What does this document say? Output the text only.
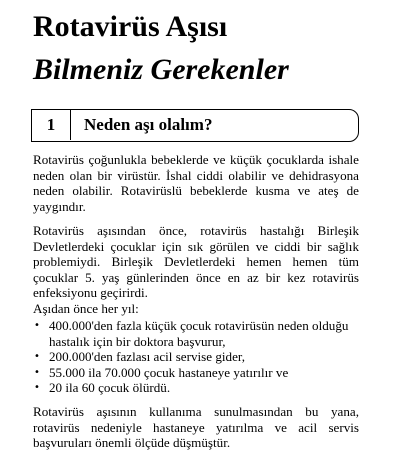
Rotavirüs Aşısı
Bilmeniz Gerekenler
1	Neden aşı olalım?

Rotavirüs çoğunlukla bebeklerde ve küçük çocuklarda ishale neden olan bir virüstür. İshal ciddi olabilir ve dehidrasyona neden olabilir. Rotavirüslü bebeklerde kusma ve ateş de yaygındır.

Rotavirüs aşısından önce, rotavirüs hastalığı Birleşik Devletlerdeki çocuklar için sık görülen ve ciddi bir sağlık problemiydi. Birleşik Devletlerdeki hemen hemen tüm çocuklar 5. yaş günlerinden önce en az bir kez rotavirüs enfeksiyonu geçirirdi.
Aşıdan önce her yıl:
• 400.000'den fazla küçük çocuk rotavirüsün neden olduğu hastalık için bir doktora başvurur,
• 200.000'den fazlası acil servise gider,
• 55.000 ila 70.000 çocuk hastaneye yatırılır ve
• 20 ila 60 çocuk ölürdü.

Rotavirüs aşısının kullanıma sunulmasından bu yana, rotavirüs nedeniyle hastaneye yatırılma ve acil servis başvuruları önemli ölçüde düşmüştür.
